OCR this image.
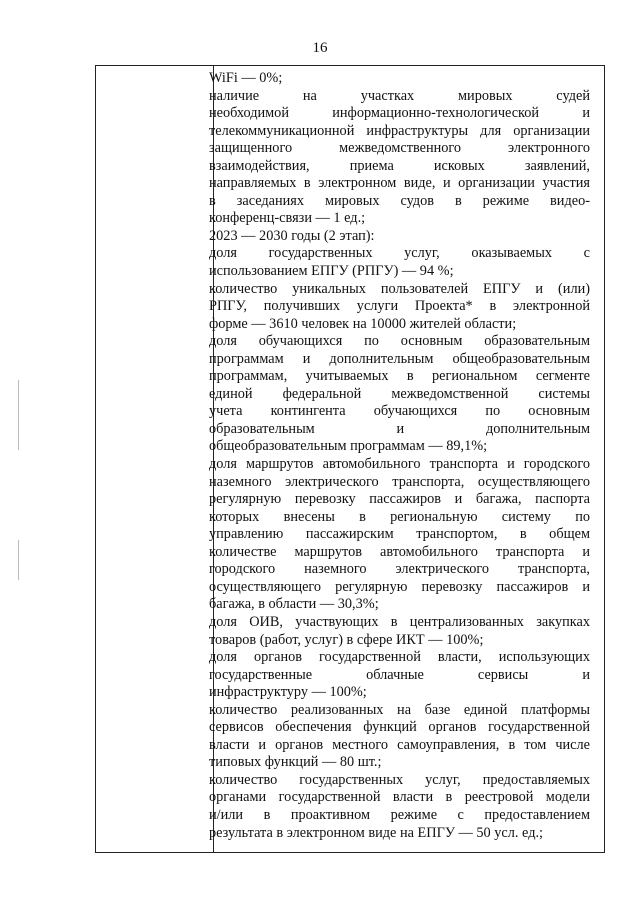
16
WiFi — 0%;
наличие на участках мировых судей
необходимой информационно-технологической и
телекоммуникационной инфраструктуры для организации
защищенного межведомственного электронного
взаимодействия, приема исковых заявлений,
направляемых в электронном виде, и организации участия
в заседаниях мировых судов в режиме видео-
конференц-связи — 1 ед.;
2023 — 2030 годы (2 этап):
доля государственных услуг, оказываемых с
использованием ЕПГУ (РПГУ) — 94 %;
количество уникальных пользователей ЕПГУ и (или)
РПГУ, получивших услуги Проекта* в электронной
форме — 3610 человек на 10000 жителей области;
доля обучающихся по основным образовательным
программам и дополнительным общеобразовательным
программам, учитываемых в региональном сегменте
единой федеральной межведомственной системы
учета контингента обучающихся по основным
образовательным и дополнительным
общеобразовательным программам — 89,1%;
доля маршрутов автомобильного транспорта и городского
наземного электрического транспорта, осуществляющего
регулярную перевозку пассажиров и багажа, паспорта
которых внесены в региональную систему по
управлению пассажирским транспортом, в общем
количестве маршрутов автомобильного транспорта и
городского наземного электрического транспорта,
осуществляющего регулярную перевозку пассажиров и
багажа, в области — 30,3%;
доля ОИВ, участвующих в централизованных закупках
товаров (работ, услуг) в сфере ИКТ — 100%;
доля органов государственной власти, использующих
государственные облачные сервисы и
инфраструктуру — 100%;
количество реализованных на базе единой платформы
сервисов обеспечения функций органов государственной
власти и органов местного самоуправления, в том числе
типовых функций — 80 шт.;
количество государственных услуг, предоставляемых
органами государственной власти в реестровой модели
и/или в проактивном режиме с предоставлением
результата в электронном виде на ЕПГУ — 50 усл. ед.;
